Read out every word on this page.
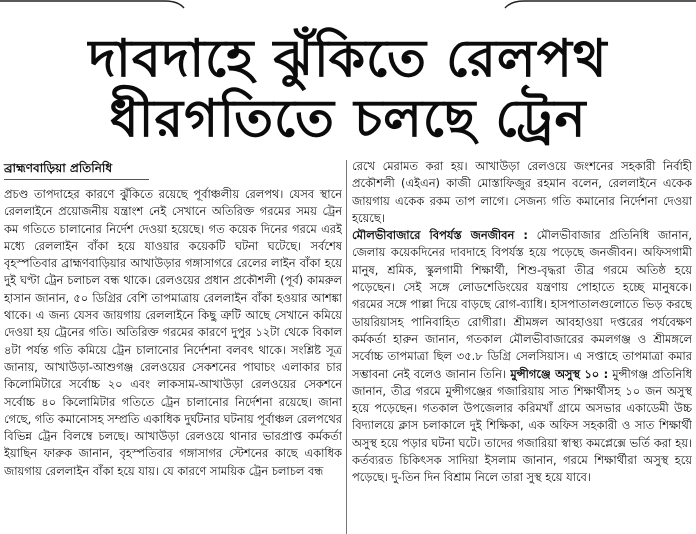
দাবদাহে ঝুঁকিতে রেলপথ
ধীরগতিতে চলছে ট্রেন
ব্রাহ্মণবাড়িয়া প্রতিনিধি

প্রচণ্ড তাপদাহের কারণে ঝুঁকিতে রয়েছে পূর্বাঞ্চলীয় রেলপথ। যেসব স্থানে রেললাইনে প্রয়োজনীয় যন্ত্রাংশ নেই সেখানে অতিরিক্ত গরমের সময় ট্রেন কম গতিতে চালানোর নির্দেশ দেওয়া হয়েছে। গত কয়েক দিনের গরমে এরই মধ্যে রেললাইন বাঁকা হয়ে যাওয়ার কয়েকটি ঘটনা ঘটেছে। সর্বশেষ বৃহস্পতিবার ব্রাহ্মণবাড়িয়ার আখাউড়ার গঙ্গাসাগরে রেলের লাইন বাঁকা হয়ে দুই ঘণ্টা ট্রেন চলাচল বন্ধ থাকে। রেলওয়ের প্রধান প্রকৌশলী (পূর্ব) কামরুল হাসান জানান, ৫০ ডিগ্রির বেশি তাপমাত্রায় রেললাইন বাঁকা হওয়ার আশঙ্কা থাকে। এ জন্য যেসব জায়গায় রেললাইনে কিছু ত্রুটি আছে সেখানে কমিয়ে দেওয়া হয় ট্রেনের গতি। অতিরিক্ত গরমের কারণে দুপুর ১২টা থেকে বিকাল ৪টা পর্যন্ত গতি কমিয়ে ট্রেন চালানোর নির্দেশনা বলবৎ থাকে। সংশ্লিষ্ট সূত্র জানায়, আখাউড়া-আশুগঞ্জ রেলওয়ের সেকশনের পাঘাচং এলাকার চার কিলোমিটারে সর্বোচ্চ ২০ এবং লাকসাম-আখাউড়া রেলওয়ের সেকশনে সর্বোচ্চ ৪০ কিলোমিটার গতিতে ট্রেন চালানোর নির্দেশনা রয়েছে। জানা গেছে, গতি কমানোসহ সম্প্রতি একাধিক দুর্ঘটনার ঘটনায় পূর্বাঞ্চল রেলপথের বিভিন্ন ট্রেন বিলম্বে চলছে। আখাউড়া রেলওয়ে থানার ভারপ্রাপ্ত কর্মকর্তা ইয়াছিন ফারুক জানান, বৃহস্পতিবার গঙ্গাসাগর স্টেশনের কাছে একাধিক জায়গায় রেললাইন বাঁকা হয়ে যায়। যে কারণে সাময়িক ট্রেন চলাচল বন্ধ

রেখে মেরামত করা হয়। আখাউড়া রেলওয়ে জংশনের সহকারী নির্বাহী প্রকৌশলী (এইএন) কাজী মোস্তাফিজুর রহমান বলেন, রেললাইনে একেক জায়গায় একেক রকম তাপ লাগে। সেজন্য গতি কমানোর নির্দেশনা দেওয়া হয়েছে।
মৌলভীবাজারে বিপর্যস্ত জনজীবন : মৌলভীবাজার প্রতিনিধি জানান, জেলায় কয়েকদিনের দাবদাহে বিপর্যস্ত হয়ে পড়েছে জনজীবন। অফিসগামী মানুষ, শ্রমিক, স্কুলগামী শিক্ষার্থী, শিশু-বৃদ্ধরা তীব্র গরমে অতিষ্ঠ হয়ে পড়েছেন। সেই সঙ্গে লোডশেডিংয়ের যন্ত্রণায় পোহাতে হচ্ছে মানুষকে। গরমের সঙ্গে পাল্লা দিয়ে বাড়ছে রোগ-ব্যাধি। হাসপাতালগুলোতে ভিড় করছে ডায়রিয়াসহ পানিবাহিত রোগীরা। শ্রীমঙ্গল আবহাওয়া দপ্তরের পর্যবেক্ষণ কর্মকর্তা হারুন জানান, গতকাল মৌলভীবাজারের কমলগঞ্জ ও শ্রীমঙ্গলে সর্বোচ্চ তাপমাত্রা ছিল ৩৫.৮ ডিগ্রি সেলসিয়াস। এ সপ্তাহে তাপমাত্রা কমার সম্ভাবনা নেই বলেও জানান তিনি। মুন্সীগঞ্জে অসুস্থ ১০ : মুন্সীগঞ্জ প্রতিনিধি জানান, তীব্র গরমে মুন্সীগঞ্জের গজারিয়ায় সাত শিক্ষার্থীসহ ১০ জন অসুস্থ হয়ে পড়েছেন। গতকাল উপজেলার করিমখাঁ গ্রামে অসভার একাডেমী উচ্চ বিদ্যালয়ে ক্লাস চলাকালে দুই শিক্ষিকা, এক অফিস সহকারী ও সাত শিক্ষার্থী অসুস্থ হয়ে পড়ার ঘটনা ঘটে। তাদের গজারিয়া স্বাস্থ্য কমপ্লেক্সে ভর্তি করা হয়। কর্তব্যরত চিকিৎসক সাদিয়া ইসলাম জানান, গরমে শিক্ষার্থীরা অসুস্থ হয়ে পড়েছে। দু-তিন দিন বিশ্রাম নিলে তারা সুস্থ হয়ে যাবে।
